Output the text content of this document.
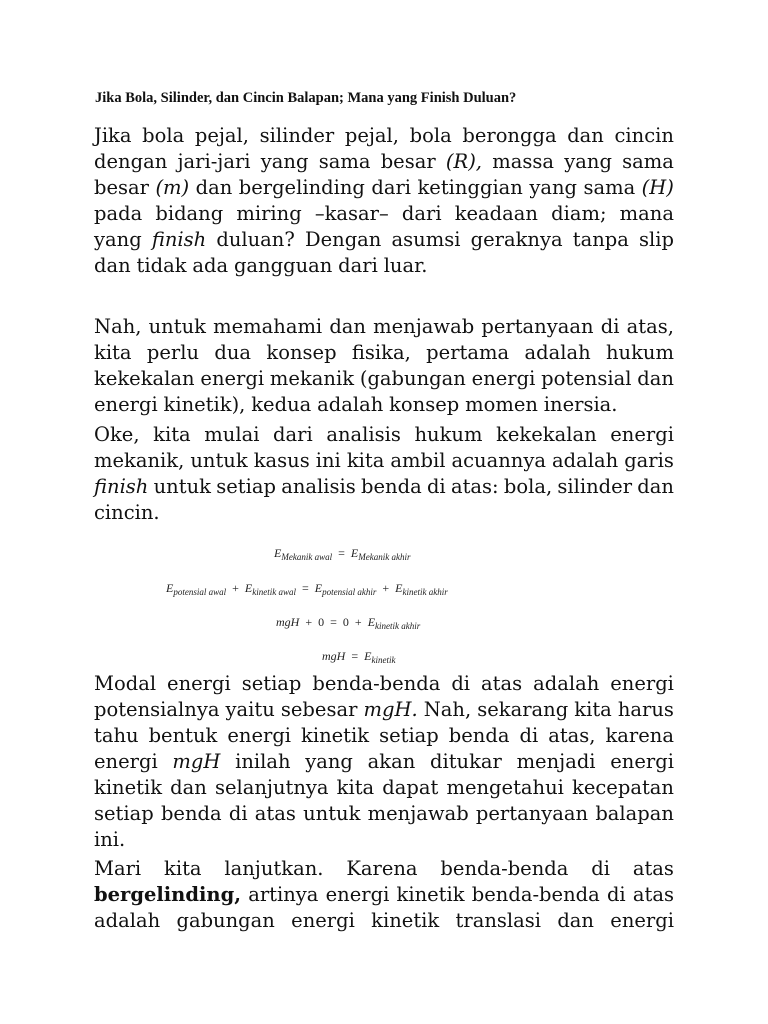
Jika Bola, Silinder, dan Cincin Balapan; Mana yang Finish Duluan?
Jika bola pejal, silinder pejal, bola berongga dan cincin
dengan jari-jari yang sama besar (R), massa yang sama
besar (m) dan bergelinding dari ketinggian yang sama (H)
pada bidang miring –kasar– dari keadaan diam; mana
yang finish duluan? Dengan asumsi geraknya tanpa slip
dan tidak ada gangguan dari luar.
Nah, untuk memahami dan menjawab pertanyaan di atas,
kita perlu dua konsep fisika, pertama adalah hukum
kekekalan energi mekanik (gabungan energi potensial dan
energi kinetik), kedua adalah konsep momen inersia.
Oke, kita mulai dari analisis hukum kekekalan energi
mekanik, untuk kasus ini kita ambil acuannya adalah garis
finish untuk setiap analisis benda di atas: bola, silinder dan
cincin.
$E_{Mekanik awal} = E_{Mekanik akhir}$
$E_{potensial awal} + E_{kinetik awal} = E_{potensial akhir} + E_{kinetik akhir}$
mgH + $0 = 0 + E_{kinetik akhir}$
mgH = $E_{kinetik}$
Modal energi setiap benda-benda di atas adalah energi
potensialnya yaitu sebesar mgH. Nah, sekarang kita harus
tahu bentuk energi kinetik setiap benda di atas, karena
energi mgH inilah yang akan ditukar menjadi energi
kinetik dan selanjutnya kita dapat mengetahui kecepatan
setiap benda di atas untuk menjawab pertanyaan balapan
ini.
Mari kita lanjutkan. Karena benda-benda di atas
bergelinding, artinya energi kinetik benda-benda di atas
adalah gabungan energi kinetik translasi dan energi
